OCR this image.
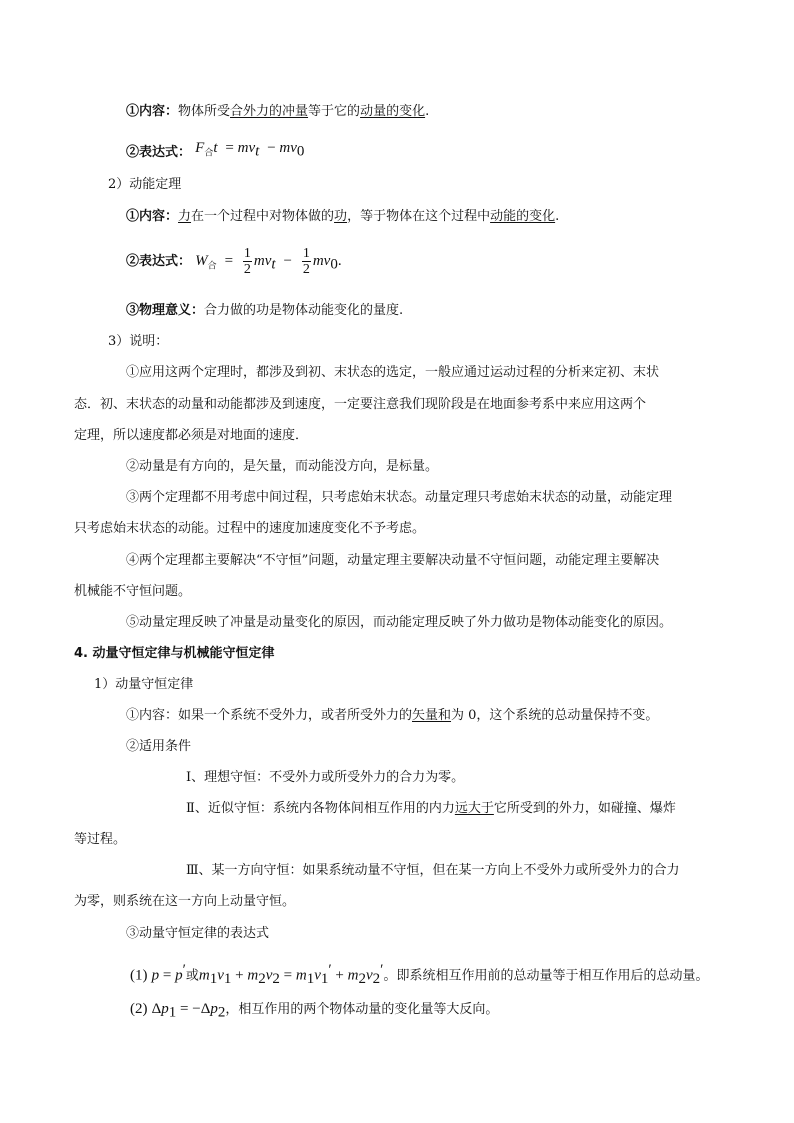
①内容：物体所受合外力的冲量等于它的动量的变化.
②表达式： $F_合t = mv_t - mv_0$
2）动能定理
①内容：力在一个过程中对物体做的功，等于物体在这个过程中动能的变化.
②表达式： $W_合 = \frac{1}{2} mv_t - \frac{1}{2} mv_0$.
③物理意义：合力做的功是物体动能变化的量度.
3）说明：
①应用这两个定理时，都涉及到初、末状态的选定，一般应通过运动过程的分析来定初、末状
态．初、末状态的动量和动能都涉及到速度，一定要注意我们现阶段是在地面参考系中来应用这两个
定理，所以速度都必须是对地面的速度．
②动量是有方向的，是矢量，而动能没方向，是标量。
③两个定理都不用考虑中间过程，只考虑始末状态。动量定理只考虑始末状态的动量，动能定理
只考虑始末状态的动能。过程中的速度加速度变化不予考虑。
④两个定理都主要解决“不守恒”问题，动量定理主要解决动量不守恒问题，动能定理主要解决
机械能不守恒问题。
⑤动量定理反映了冲量是动量变化的原因，而动能定理反映了外力做功是物体动能变化的原因。
4. 动量守恒定律与机械能守恒定律
1）动量守恒定律
①内容：如果一个系统不受外力，或者所受外力的矢量和为 0，这个系统的总动量保持不变。
②适用条件
Ⅰ、理想守恒：不受外力或所受外力的合力为零。
Ⅱ、近似守恒：系统内各物体间相互作用的内力远大于它所受到的外力，如碰撞、爆炸
等过程。
Ⅲ、某一方向守恒：如果系统动量不守恒，但在某一方向上不受外力或所受外力的合力
为零，则系统在这一方向上动量守恒。
③动量守恒定律的表达式
(1) p = p′或$m_1v_1 + m_2v_2 = m_1v_1' + m_2v_2'$。即系统相互作用前的总动量等于相互作用后的总动量。
(2) $\Delta p_1 = -\Delta p_2$，相互作用的两个物体动量的变化量等大反向。
